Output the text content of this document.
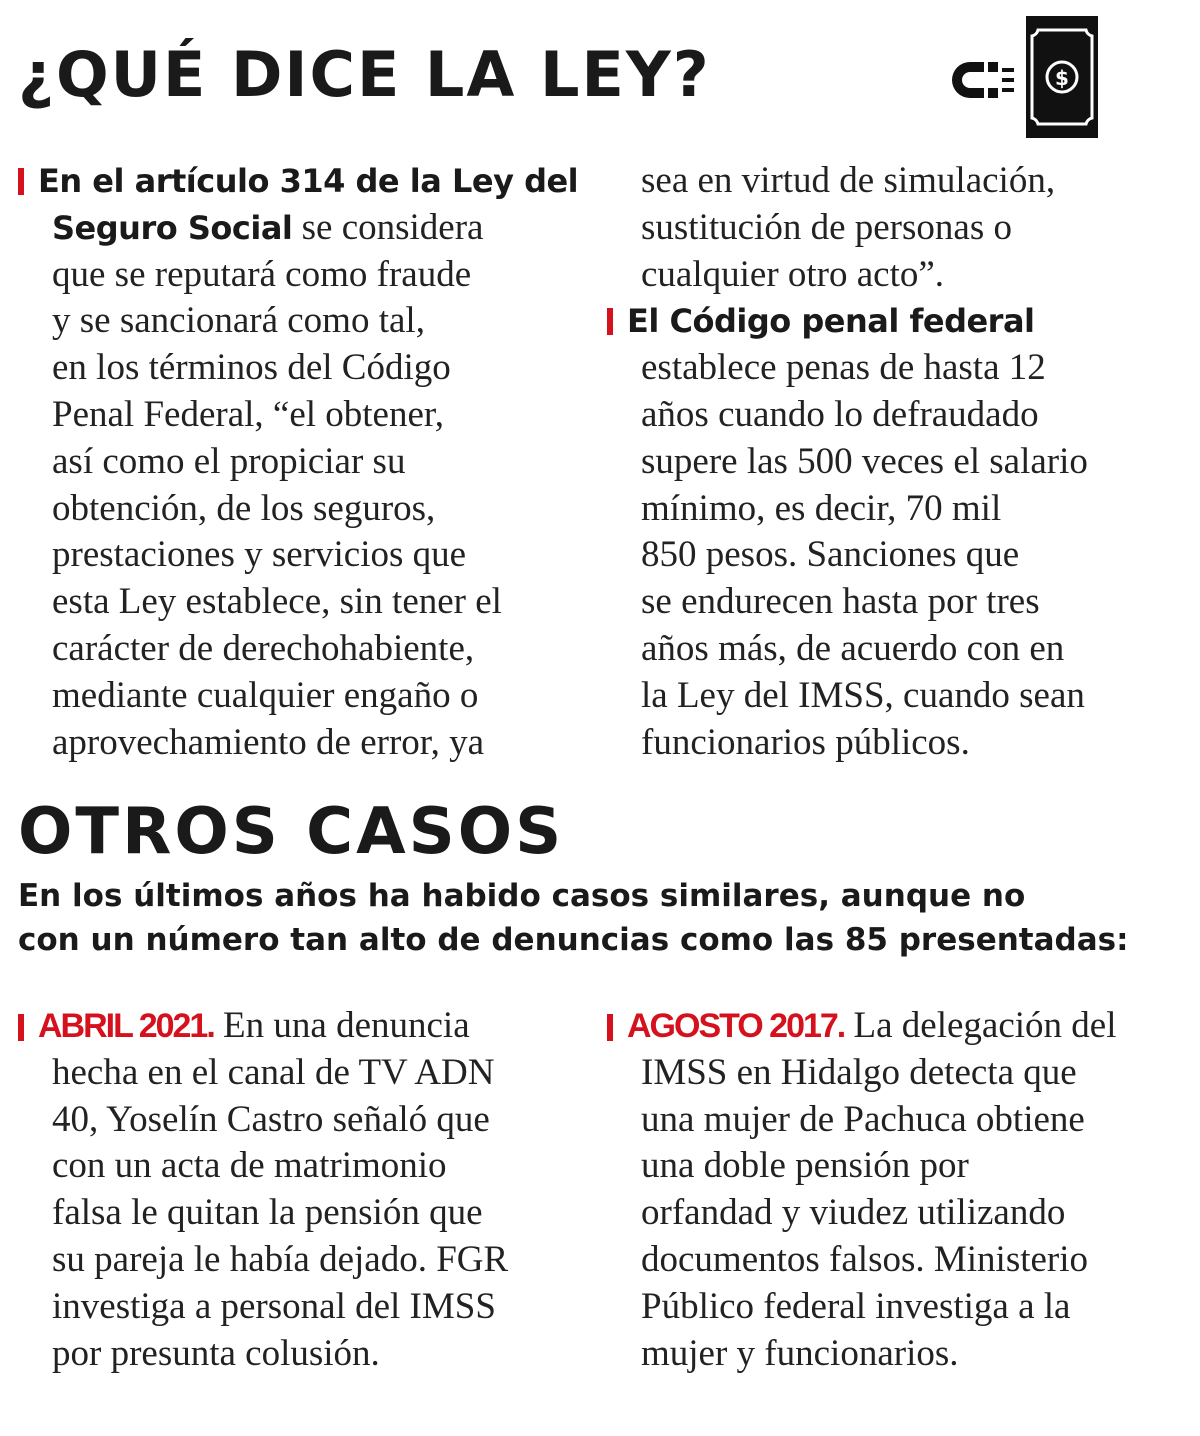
¿QUÉ DICE LA LEY?	$
En el artículo 314 de la Ley del
Seguro Social se considera
que se reputará como fraude
y se sancionará como tal,
en los términos del Código
Penal Federal, “el obtener,
así como el propiciar su
obtención, de los seguros,
prestaciones y servicios que
esta Ley establece, sin tener el
carácter de derechohabiente,
mediante cualquier engaño o
aprovechamiento de error, ya
sea en virtud de simulación,
sustitución de personas o
cualquier otro acto”.
El Código penal federal
establece penas de hasta 12
años cuando lo defraudado
supere las 500 veces el salario
mínimo, es decir, 70 mil
850 pesos. Sanciones que
se endurecen hasta por tres
años más, de acuerdo con en
la Ley del IMSS, cuando sean
funcionarios públicos.
OTROS CASOS
En los últimos años ha habido casos similares, aunque no
con un número tan alto de denuncias como las 85 presentadas:
ABRIL 2021. En una denuncia
hecha en el canal de TV ADN
40, Yoselín Castro señaló que
con un acta de matrimonio
falsa le quitan la pensión que
su pareja le había dejado. FGR
investiga a personal del IMSS
por presunta colusión.
AGOSTO 2017. La delegación del
IMSS en Hidalgo detecta que
una mujer de Pachuca obtiene
una doble pensión por
orfandad y viudez utilizando
documentos falsos. Ministerio
Público federal investiga a la
mujer y funcionarios.
